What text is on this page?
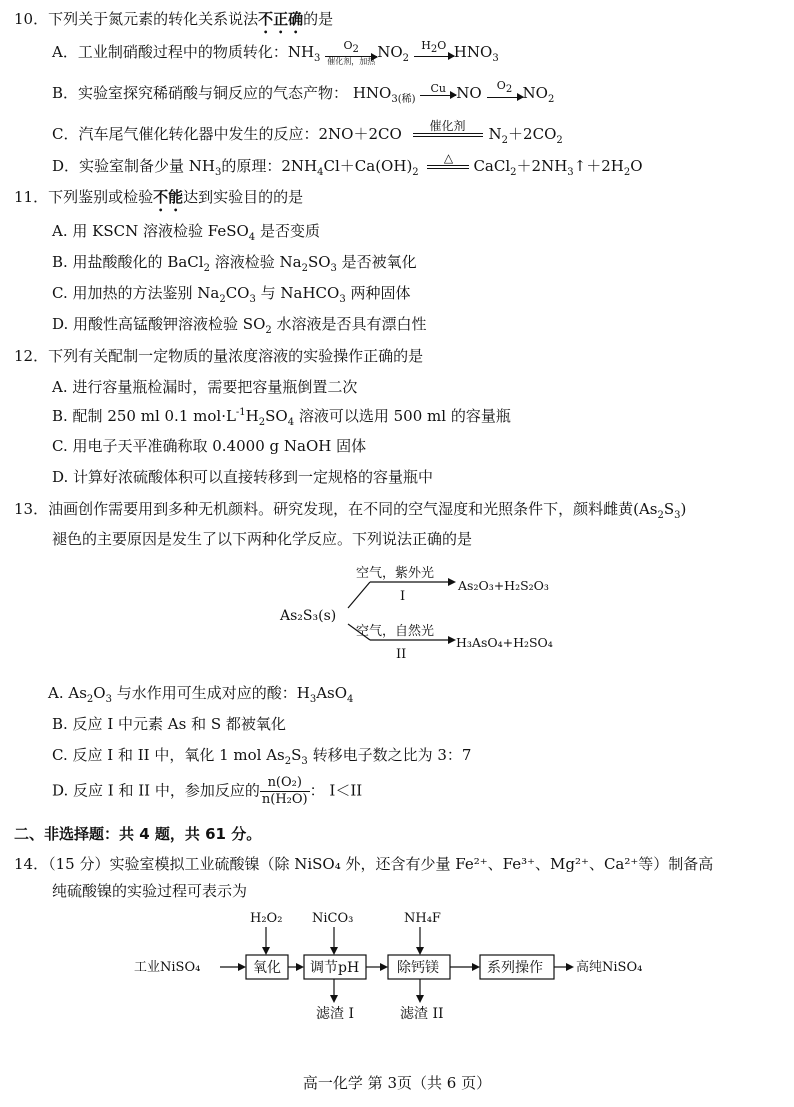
10．下列关于氮元素的转化关系说法不正确的是
A．工业制硝酸过程中的物质转化：$NH_3$
$O_2$
催化剂，加热
$NO_2$
$H_2O$ $HNO_3$
B．实验室探究稀硝酸与铜反应的气态产物： $HNO_{3(稀)}$
Cu NO	$O_2$ $NO_2$
C．汽车尾气催化转化器中发生的反应：2NO＋2CO	催化剂
	$N_2+2CO_2$
D．实验室制备少量 $NH_3$的原理：$2NH_4Cl+Ca(OH)_2$
△
	$CaCl_2+2NH_3↑+2H_2O$
11．下列鉴别或检验不能达到实验目的的是
A. 用 KSCN 溶液检验 FeSO$_4$ 是否变质
B. 用盐酸酸化的 BaCl$_2$ 溶液检验 $Na_2SO_3$ 是否被氧化
C. 用加热的方法鉴别 $Na_2CO_3$ 与 NaHCO$_3$ 两种固体
D. 用酸性高锰酸钾溶液检验 $SO_2$ 水溶液是否具有漂白性
12．下列有关配制一定物质的量浓度溶液的实验操作正确的是
A. 进行容量瓶检漏时，需要把容量瓶倒置二次
B. 配制 250 ml 0.1 $mol\cdot L^{-1}H_2SO_4$ 溶液可以选用 500 ml 的容量瓶
C. 用电子天平准确称取 0.4000 g NaOH 固体
D. 计算好浓硫酸体积可以直接转移到一定规格的容量瓶中
13．油画创作需要用到多种无机颜料。研究发现，在不同的空气湿度和光照条件下，颜料雌黄$(As_2S_3)$
褪色的主要原因是发生了以下两种化学反应。下列说法正确的是
As₂S₃(s)
空气，紫外光
I
As₂O₃+H₂S₂O₃
空气，自然光
II
H₃AsO₄+H₂SO₄
A. $As_2O_3$ 与水作用可生成对应的酸：$H_3AsO_4$
B. 反应 I 中元素 As 和 S 都被氧化
C. 反应 I 和 II 中，氧化 1 mol $As_2S_3$ 转移电子数之比为 3：7
D. 反应 I 和 II 中，参加反应的 $\frac{\text{n(O₂)}}{\text{n(H₂O)}}$ ： I＜II
二、非选择题：共 4 题，共 61 分。
14．（15 分）实验室模拟工业硫酸镍（除 NiSO₄ 外，还含有少量 Fe²⁺、Fe³⁺、Mg²⁺、Ca²⁺等）制备高
纯硫酸镍的实验过程可表示为
工业NiSO₄
H₂O₂
氧化
NiCO₃
调节pH
滤渣 I
NH₄F
除钙镁
滤渣 II
系列操作	高纯NiSO₄
高一化学 第 3页（共 6 页）
